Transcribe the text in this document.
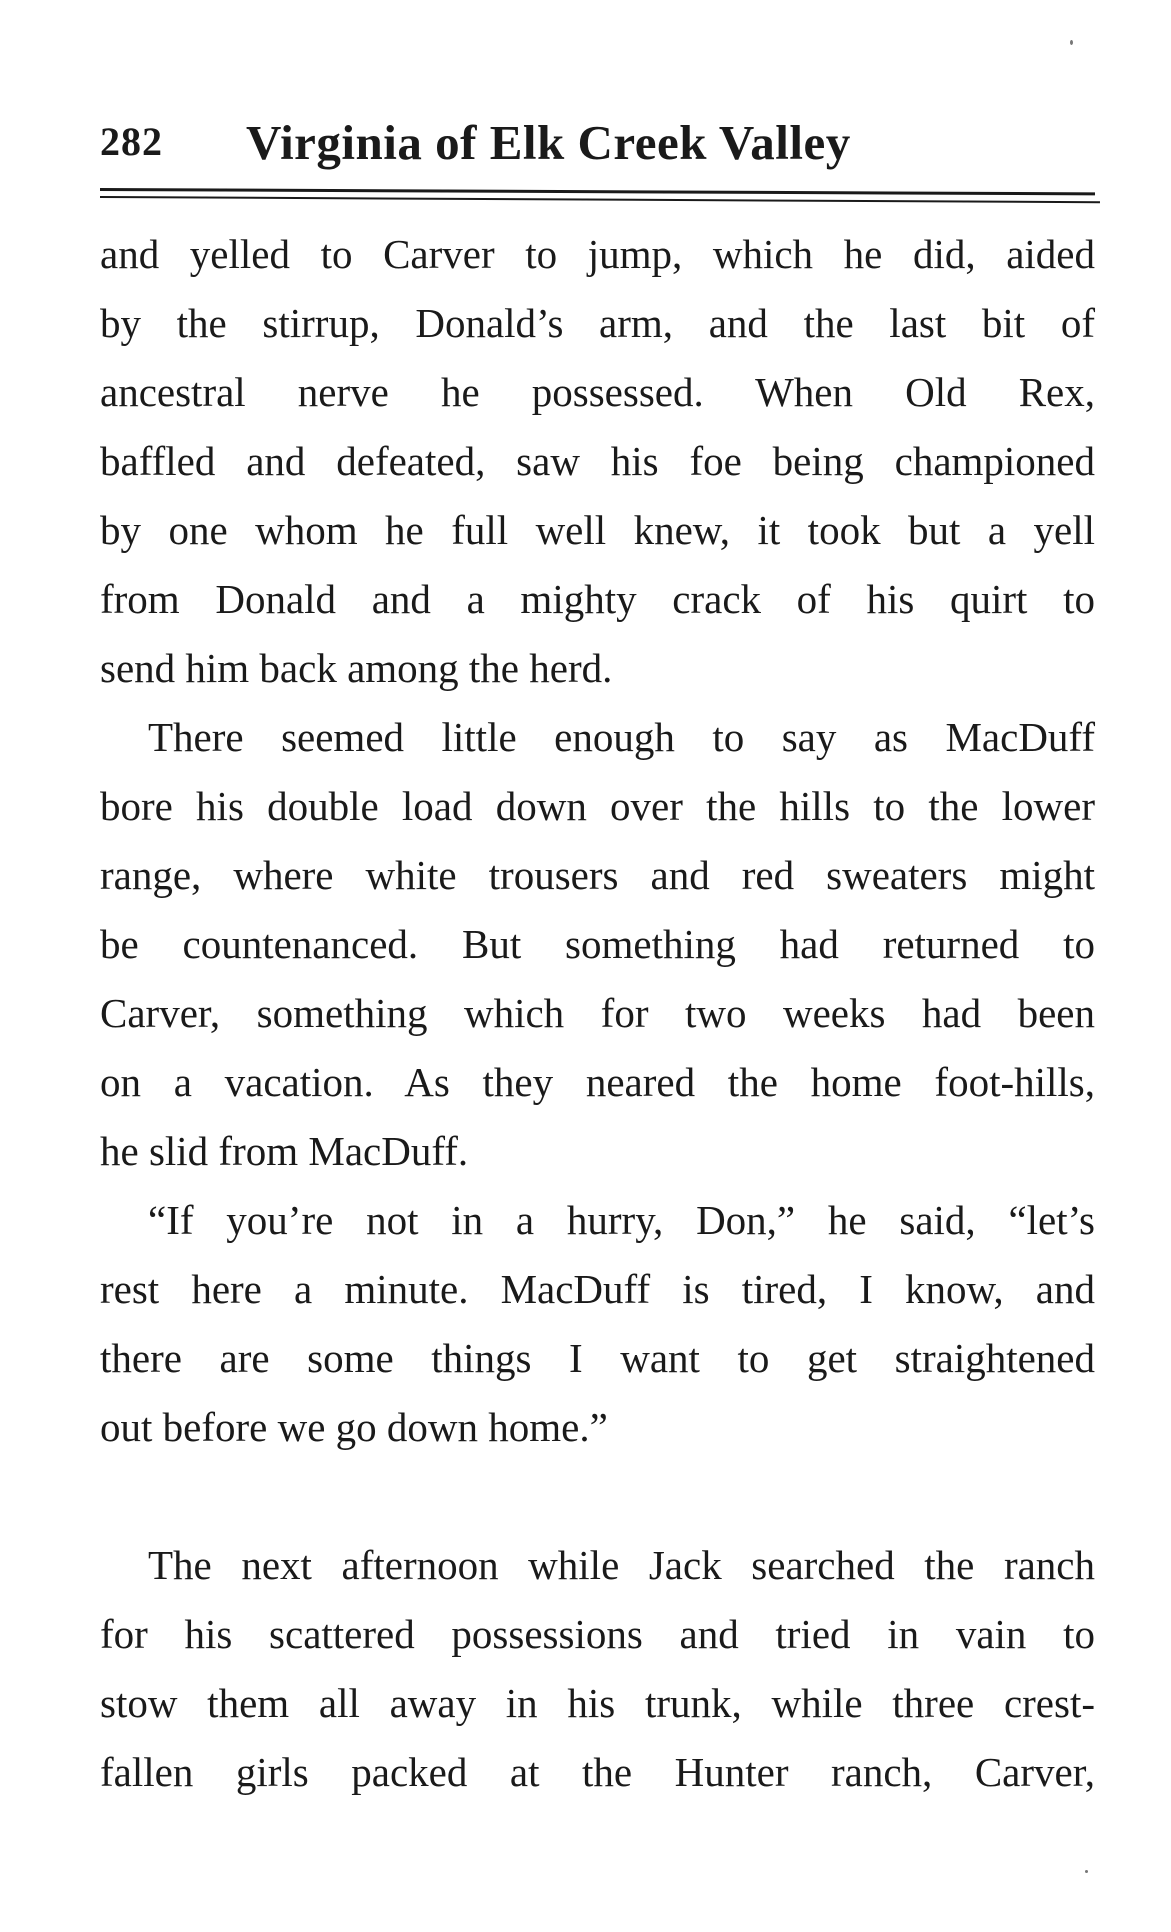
282 Virginia of Elk Creek Valley
and yelled to Carver to jump, which he did, aided
by the stirrup, Donald’s arm, and the last bit of
ancestral nerve he possessed. When Old Rex,
baffled and defeated, saw his foe being championed
by one whom he full well knew, it took but a yell
from Donald and a mighty crack of his quirt to
send him back among the herd.
There seemed little enough to say as MacDuff
bore his double load down over the hills to the lower
range, where white trousers and red sweaters might
be countenanced. But something had returned to
Carver, something which for two weeks had been
on a vacation. As they neared the home foot-hills,
he slid from MacDuff.
“If you’re not in a hurry, Don,” he said, “let’s
rest here a minute. MacDuff is tired, I know, and
there are some things I want to get straightened
out before we go down home.”
The next afternoon while Jack searched the ranch
for his scattered possessions and tried in vain to
stow them all away in his trunk, while three crest-
fallen girls packed at the Hunter ranch, Carver,
